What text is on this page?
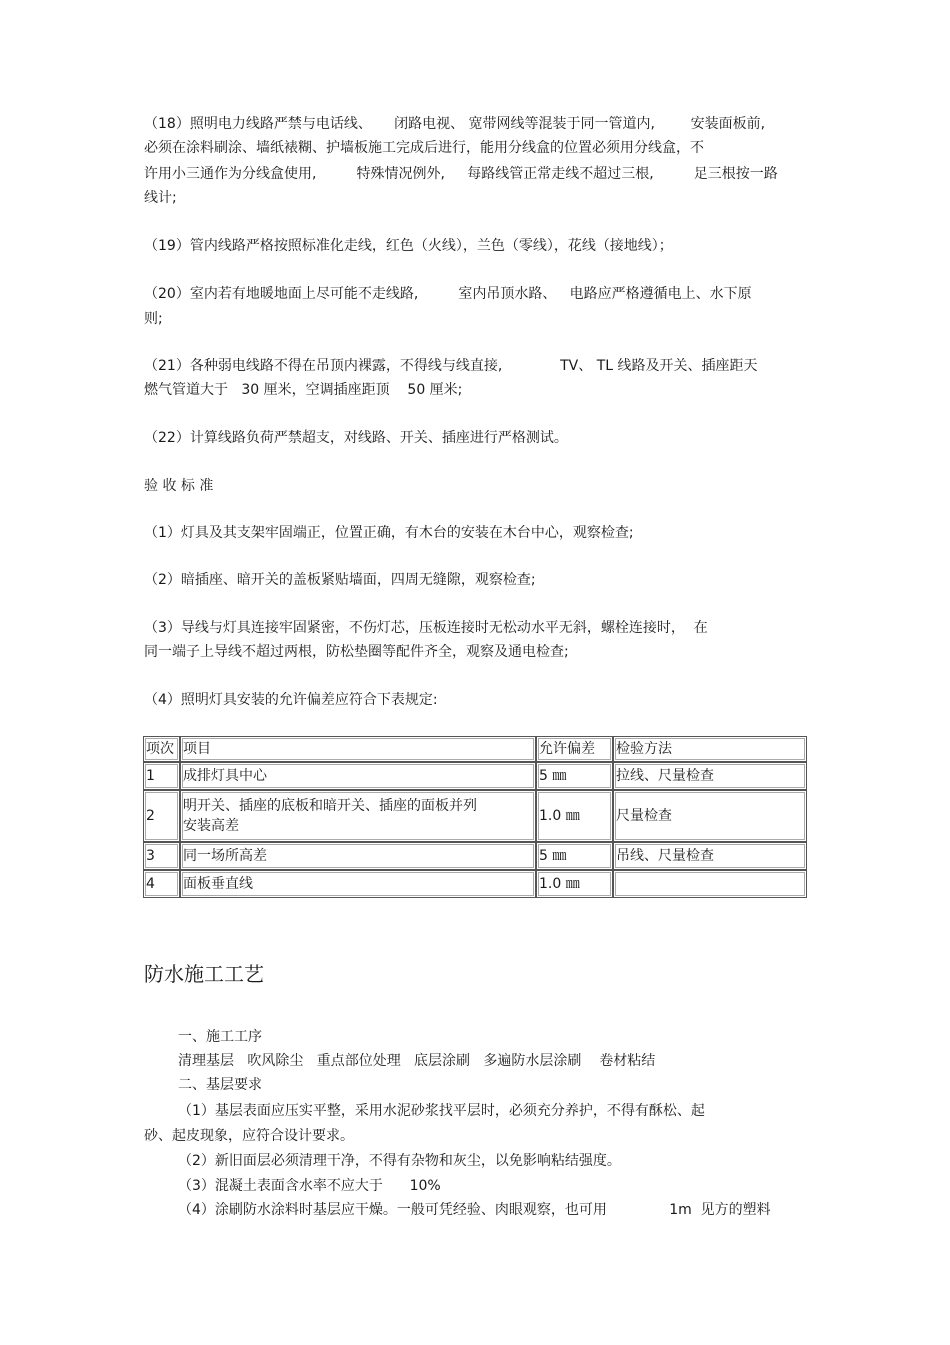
（18）照明电力线路严禁与电话线、     闭路电视、 宽带网线等混装于同一管道内,        安装面板前,
必须在涂料刷涂、墙纸裱糊、护墙板施工完成后进行，能用分线盒的位置必须用分线盒，不
许用小三通作为分线盒使用,         特殊情况例外,     每路线管正常走线不超过三根,         足三根按一路
线计;
（19）管内线路严格按照标准化走线，红色（火线），兰色（零线），花线（接地线）；
（20）室内若有地暖地面上尽可能不走线路,         室内吊顶水路、   电路应严格遵循电上、水下原
则;
（21）各种弱电线路不得在吊顶内裸露，不得线与线直接,             TV、 TL 线路及开关、插座距天
燃气管道大于   30 厘米，空调插座距顶    50 厘米;
（22）计算线路负荷严禁超支，对线路、开关、插座进行严格测试。
验 收 标 准
（1）灯具及其支架牢固端正，位置正确，有木台的安装在木台中心，观察检查;
（2）暗插座、暗开关的盖板紧贴墙面，四周无缝隙，观察检查;
（3）导线与灯具连接牢固紧密，不伤灯芯，压板连接时无松动水平无斜，螺栓连接时，  在
同一端子上导线不超过两根，防松垫圈等配件齐全，观察及通电检查;
（4）照明灯具安装的允许偏差应符合下表规定:
项次	项目	允许偏差	检验方法
1	成排灯具中心	5 ㎜	拉线、尺量检查
2	明开关、插座的底板和暗开关、插座的面板并列
安装高差	1.0 ㎜	尺量检查
3	同一场所高差	5 ㎜	吊线、尺量检查
4	面板垂直线	1.0 ㎜	
防水施工工艺
一、施工工序
清理基层   吹风除尘   重点部位处理   底层涂刷   多遍防水层涂刷    卷材粘结
二、基层要求
（1）基层表面应压实平整，采用水泥砂浆找平层时，必须充分养护，不得有酥松、起
砂、起皮现象，应符合设计要求。
（2）新旧面层必须清理干净，不得有杂物和灰尘，以免影响粘结强度。
（3）混凝土表面含水率不应大于      10%
（4）涂刷防水涂料时基层应干燥。一般可凭经验、肉眼观察，也可用              1m  见方的塑料
